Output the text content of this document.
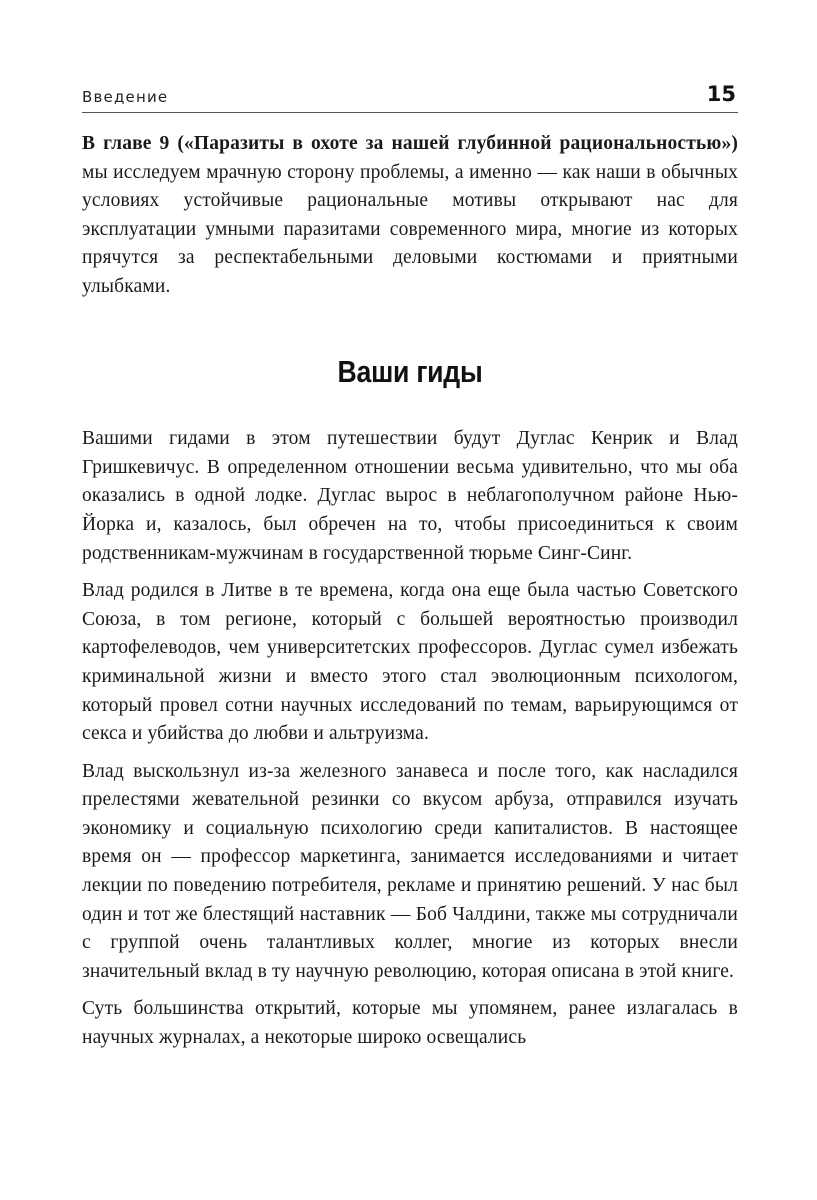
Введение	15

В главе 9 («Паразиты в охоте за нашей глубинной рациональностью») мы исследуем мрачную сторону проблемы, а именно — как наши в обычных условиях устойчивые рациональные мотивы открывают нас для эксплуатации умными паразитами современного мира, многие из которых прячутся за респектабельными деловыми костюмами и приятными улыбками.

Ваши гиды

Вашими гидами в этом путешествии будут Дуглас Кенрик и Влад Гришкевичус. В определенном отношении весьма удивительно, что мы оба оказались в одной лодке. Дуглас вырос в неблагополучном районе Нью-Йорка и, казалось, был обречен на то, чтобы присоединиться к своим родственникам-мужчинам в государственной тюрьме Синг-Синг.

Влад родился в Литве в те времена, когда она еще была частью Советского Союза, в том регионе, который с большей вероятностью производил картофелеводов, чем университетских профессоров. Дуглас сумел избежать криминальной жизни и вместо этого стал эволюционным психологом, который провел сотни научных исследований по темам, варьирующимся от секса и убийства до любви и альтруизма.

Влад выскользнул из-за железного занавеса и после того, как насладился прелестями жевательной резинки со вкусом арбуза, отправился изучать экономику и социальную психологию среди капиталистов. В настоящее время он — профессор маркетинга, занимается исследованиями и читает лекции по поведению потребителя, рекламе и принятию решений. У нас был один и тот же блестящий наставник — Боб Чалдини, также мы сотрудничали с группой очень талантливых коллег, многие из которых внесли значительный вклад в ту научную революцию, которая описана в этой книге.

Суть большинства открытий, которые мы упомянем, ранее излагалась в научных журналах, а некоторые широко освещались
